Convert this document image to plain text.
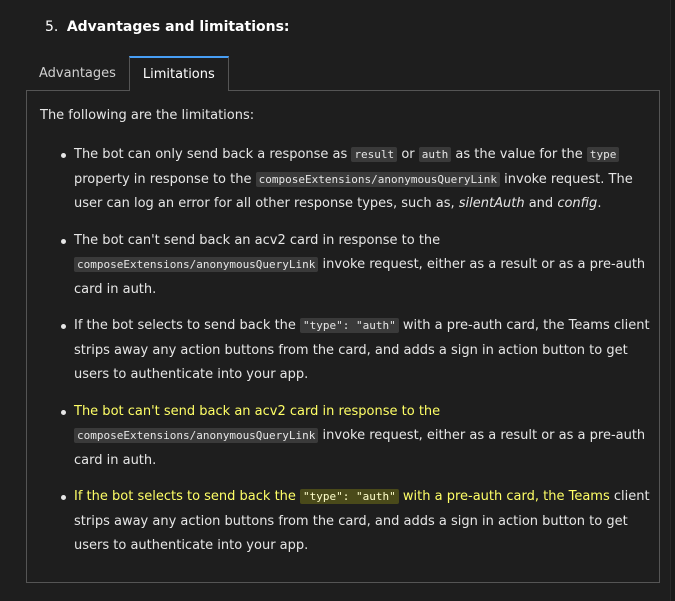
5. Advantages and limitations:
Advantages	Limitations
The following are the limitations:
The bot can only send back a response as result or auth as the value for the type property in response to the composeExtensions/anonymousQueryLink invoke request. The user can log an error for all other response types, such as, silentAuth and config.
The bot can't send back an acv2 card in response to the composeExtensions/anonymousQueryLink invoke request, either as a result or as a pre-auth card in auth.
If the bot selects to send back the "type": "auth" with a pre-auth card, the Teams client strips away any action buttons from the card, and adds a sign in action button to get users to authenticate into your app.
The bot can't send back an acv2 card in response to the
composeExtensions/anonymousQueryLink invoke request, either as a result or as a pre-auth card in auth.
If the bot selects to send back the "type": "auth" with a pre-auth card, the Teams client strips away any action buttons from the card, and adds a sign in action button to get users to authenticate into your app.
